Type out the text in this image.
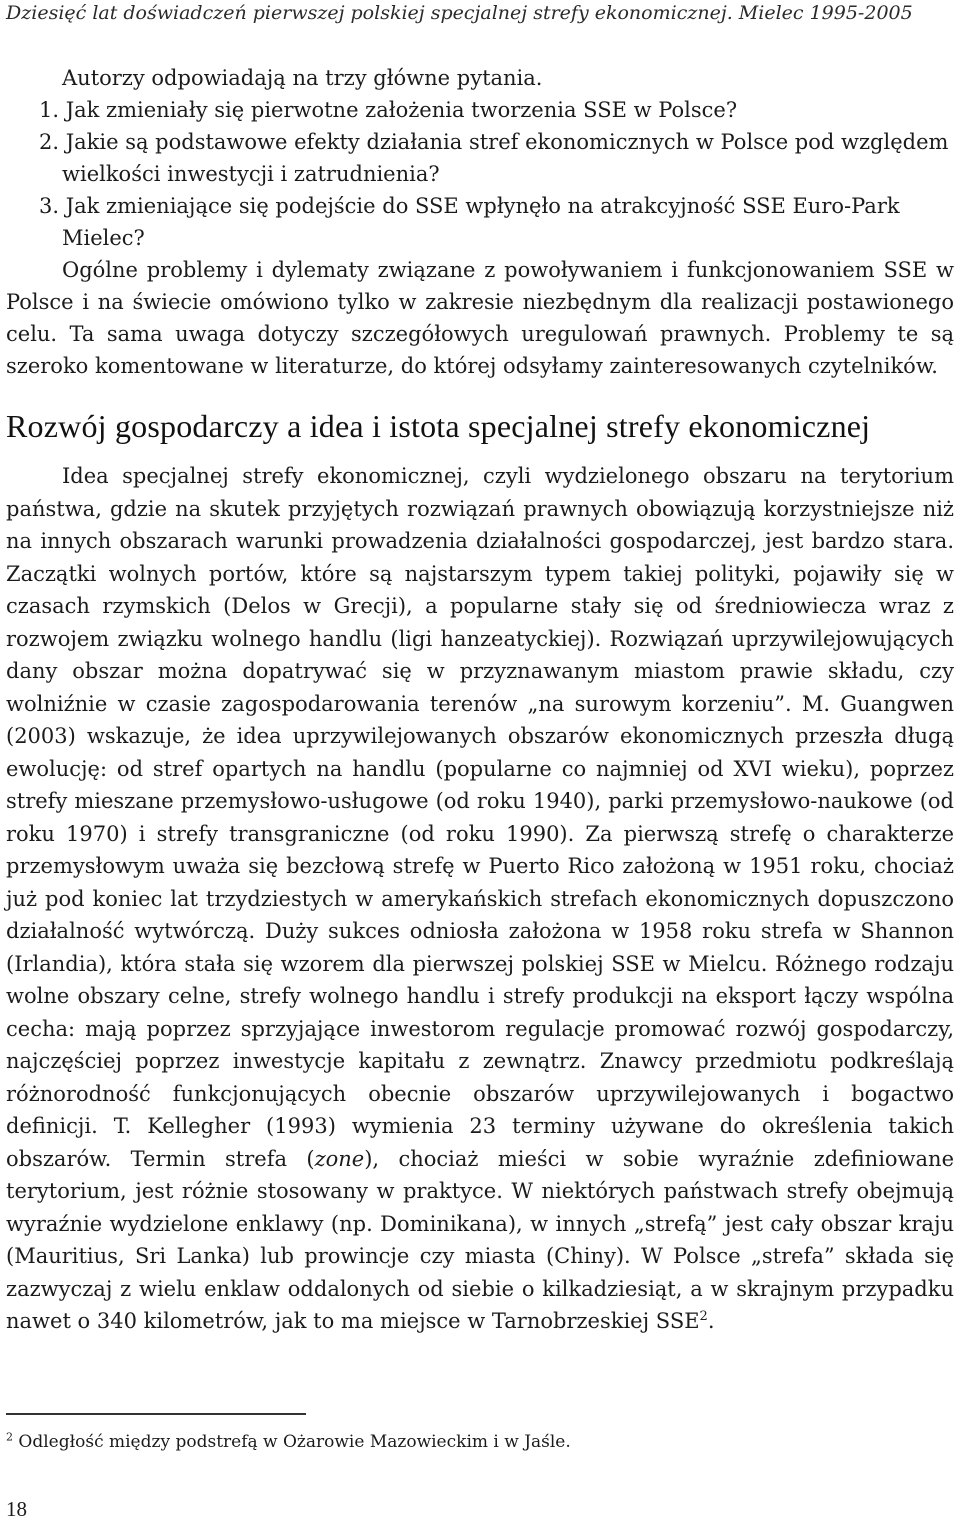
Dziesięć lat doświadczeń pierwszej polskiej specjalnej strefy ekonomicznej. Mielec 1995-2005

Autorzy odpowiadają na trzy główne pytania.

1. Jak zmieniały się pierwotne założenia tworzenia SSE w Polsce?
2. Jakie są podstawowe efekty działania stref ekonomicznych w Polsce pod względem wielkości inwestycji i zatrudnienia?
3. Jak zmieniające się podejście do SSE wpłynęło na atrakcyjność SSE Euro-Park Mielec?

Ogólne problemy i dylematy związane z powoływaniem i funkcjonowaniem SSE w Polsce i na świecie omówiono tylko w zakresie niezbędnym dla realizacji postawionego celu. Ta sama uwaga dotyczy szczegółowych uregulowań prawnych. Problemy te są szeroko komentowane w literaturze, do której odsyłamy zainteresowanych czytelników.

Rozwój gospodarczy a idea i istota specjalnej strefy ekonomicznej

Idea specjalnej strefy ekonomicznej, czyli wydzielonego obszaru na terytorium państwa, gdzie na skutek przyjętych rozwiązań prawnych obowiązują korzystniejsze niż na innych obszarach warunki prowadzenia działalności gospodarczej, jest bardzo stara. Zaczątki wolnych portów, które są najstarszym typem takiej polityki, pojawiły się w czasach rzymskich (Delos w Grecji), a popularne stały się od średniowiecza wraz z rozwojem związku wolnego handlu (ligi hanzeatyckiej). Rozwiązań uprzywilejowujących dany obszar można dopatrywać się w przyznawanym miastom prawie składu, czy wolniźnie w czasie zagospodarowania terenów „na surowym korzeniu”. M. Guangwen (2003) wskazuje, że idea uprzywilejowanych obszarów ekonomicznych przeszła długą ewolucję: od stref opartych na handlu (popularne co najmniej od XVI wieku), poprzez strefy mieszane przemysłowo-usługowe (od roku 1940), parki przemysłowo-naukowe (od roku 1970) i strefy transgraniczne (od roku 1990). Za pierwszą strefę o charakterze przemysłowym uważa się bezcłową strefę w Puerto Rico założoną w 1951 roku, chociaż już pod koniec lat trzydziestych w amerykańskich strefach ekonomicznych dopuszczono działalność wytwórczą. Duży sukces odniosła założona w 1958 roku strefa w Shannon (Irlandia), która stała się wzorem dla pierwszej polskiej SSE w Mielcu. Różnego rodzaju wolne obszary celne, strefy wolnego handlu i strefy produkcji na eksport łączy wspólna cecha: mają poprzez sprzyjające inwestorom regulacje promować rozwój gospodarczy, najczęściej poprzez inwestycje kapitału z zewnątrz. Znawcy przedmiotu podkreślają różnorodność funkcjonujących obecnie obszarów uprzywilejowanych i bogactwo definicji. T. Kellegher (1993) wymienia 23 terminy używane do określenia takich obszarów. Termin strefa (zone), chociaż mieści w sobie wyraźnie zdefiniowane terytorium, jest różnie stosowany w praktyce. W niektórych państwach strefy obejmują wyraźnie wydzielone enklawy (np. Dominikana), w innych „strefą” jest cały obszar kraju (Mauritius, Sri Lanka) lub prowincje czy miasta (Chiny). W Polsce „strefa” składa się zazwyczaj z wielu enklaw oddalonych od siebie o kilkadziesiąt, a w skrajnym przypadku nawet o 340 kilometrów, jak to ma miejsce w Tarnobrzeskiej SSE$^2$.

$^2$ Odległość między podstrefą w Ożarowie Mazowieckim i w Jaśle.
18
